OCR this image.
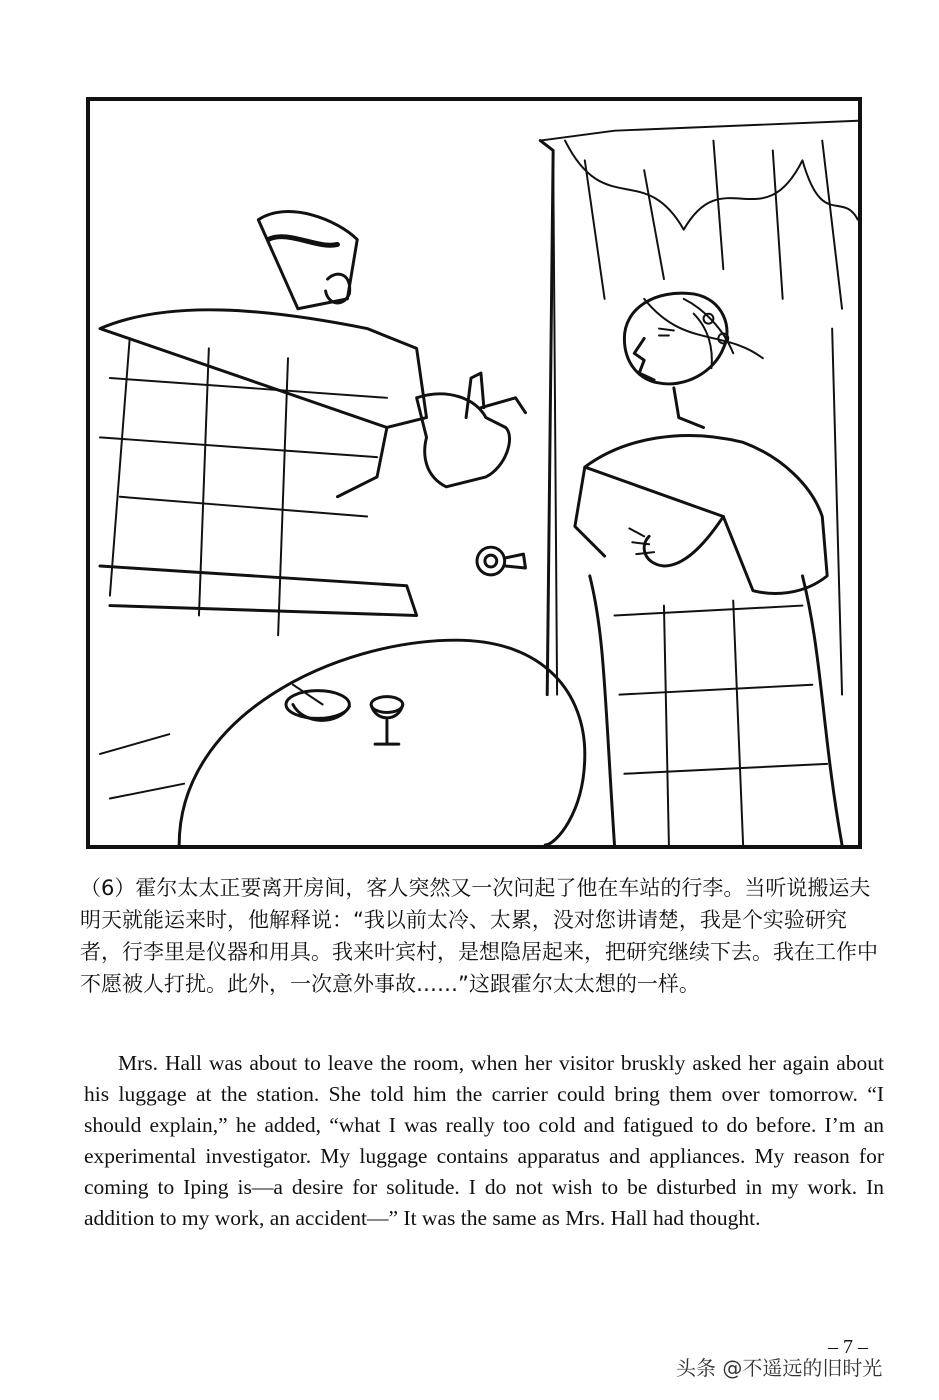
（6）霍尔太太正要离开房间，客人突然又一次问起了他在车站的行李。当听说搬运夫明天就能运来时，他解释说：“我以前太冷、太累，没对您讲请楚，我是个实验研究者，行李里是仪器和用具。我来叶宾村，是想隐居起来，把研究继续下去。我在工作中不愿被人打扰。此外，一次意外事故……”这跟霍尔太太想的一样。

Mrs. Hall was about to leave the room, when her visitor bruskly asked her again about his luggage at the station. She told him the carrier could bring them over tomorrow. “I should explain,” he added, “what I was really too cold and fatigued to do before. I’m an experimental investigator. My luggage contains apparatus and appliances. My reason for coming to Iping is—a desire for solitude. I do not wish to be disturbed in my work. In addition to my work, an accident—” It was the same as Mrs. Hall had thought.

– 7 –
头条 @不遥远的旧时光
